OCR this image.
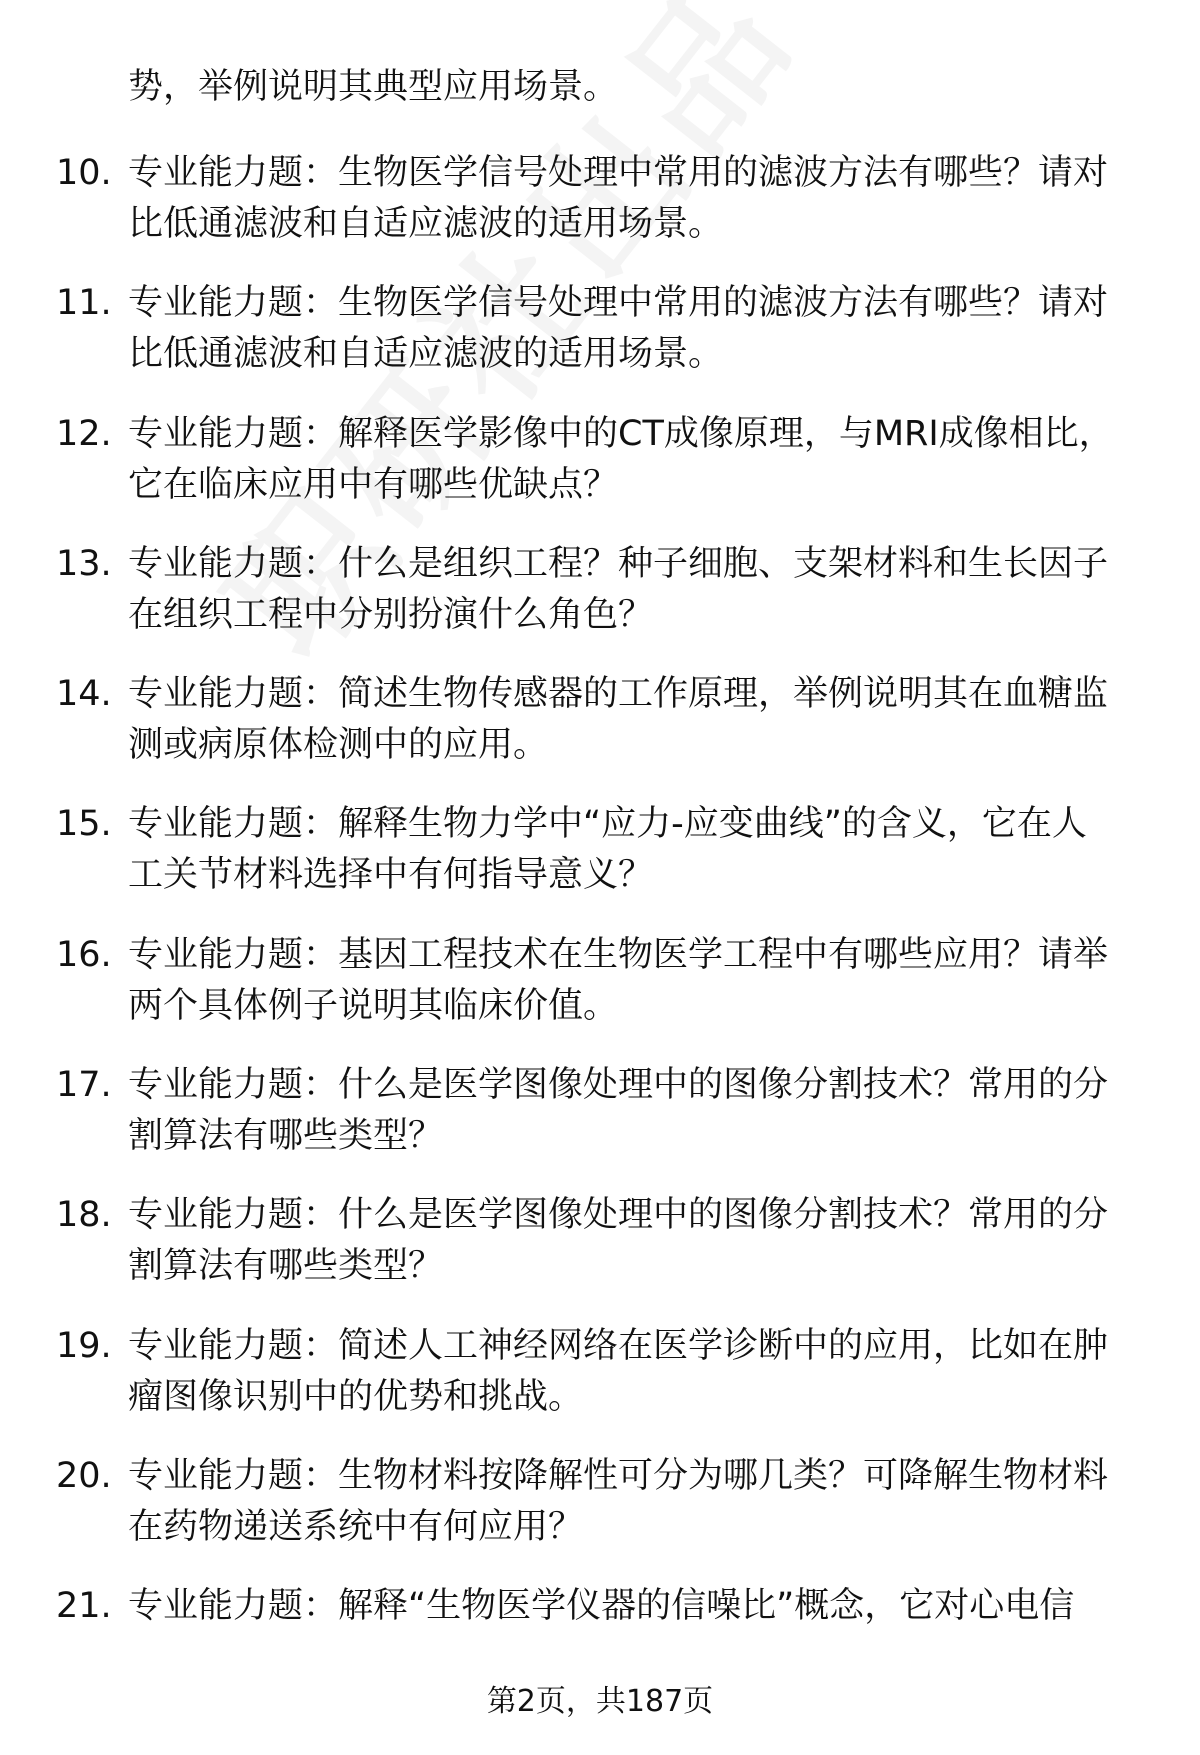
势，举例说明其典型应用场景。
10. 专业能力题：生物医学信号处理中常用的滤波方法有哪些？请对
比低通滤波和自适应滤波的适用场景。
11. 专业能力题：生物医学信号处理中常用的滤波方法有哪些？请对
比低通滤波和自适应滤波的适用场景。
12. 专业能力题：解释医学影像中的CT成像原理，与MRI成像相比，
它在临床应用中有哪些优缺点？
13. 专业能力题：什么是组织工程？种子细胞、支架材料和生长因子
在组织工程中分别扮演什么角色？
14. 专业能力题：简述生物传感器的工作原理，举例说明其在血糖监
测或病原体检测中的应用。
15. 专业能力题：解释生物力学中“应力-应变曲线”的含义，它在人
工关节材料选择中有何指导意义？
16. 专业能力题：基因工程技术在生物医学工程中有哪些应用？请举
两个具体例子说明其临床价值。
17. 专业能力题：什么是医学图像处理中的图像分割技术？常用的分
割算法有哪些类型？
18. 专业能力题：什么是医学图像处理中的图像分割技术？常用的分
割算法有哪些类型？
19. 专业能力题：简述人工神经网络在医学诊断中的应用，比如在肿
瘤图像识别中的优势和挑战。
20. 专业能力题：生物材料按降解性可分为哪几类？可降解生物材料
在药物递送系统中有何应用？
21. 专业能力题：解释“生物医学仪器的信噪比”概念，它对心电信
第2页，共187页
